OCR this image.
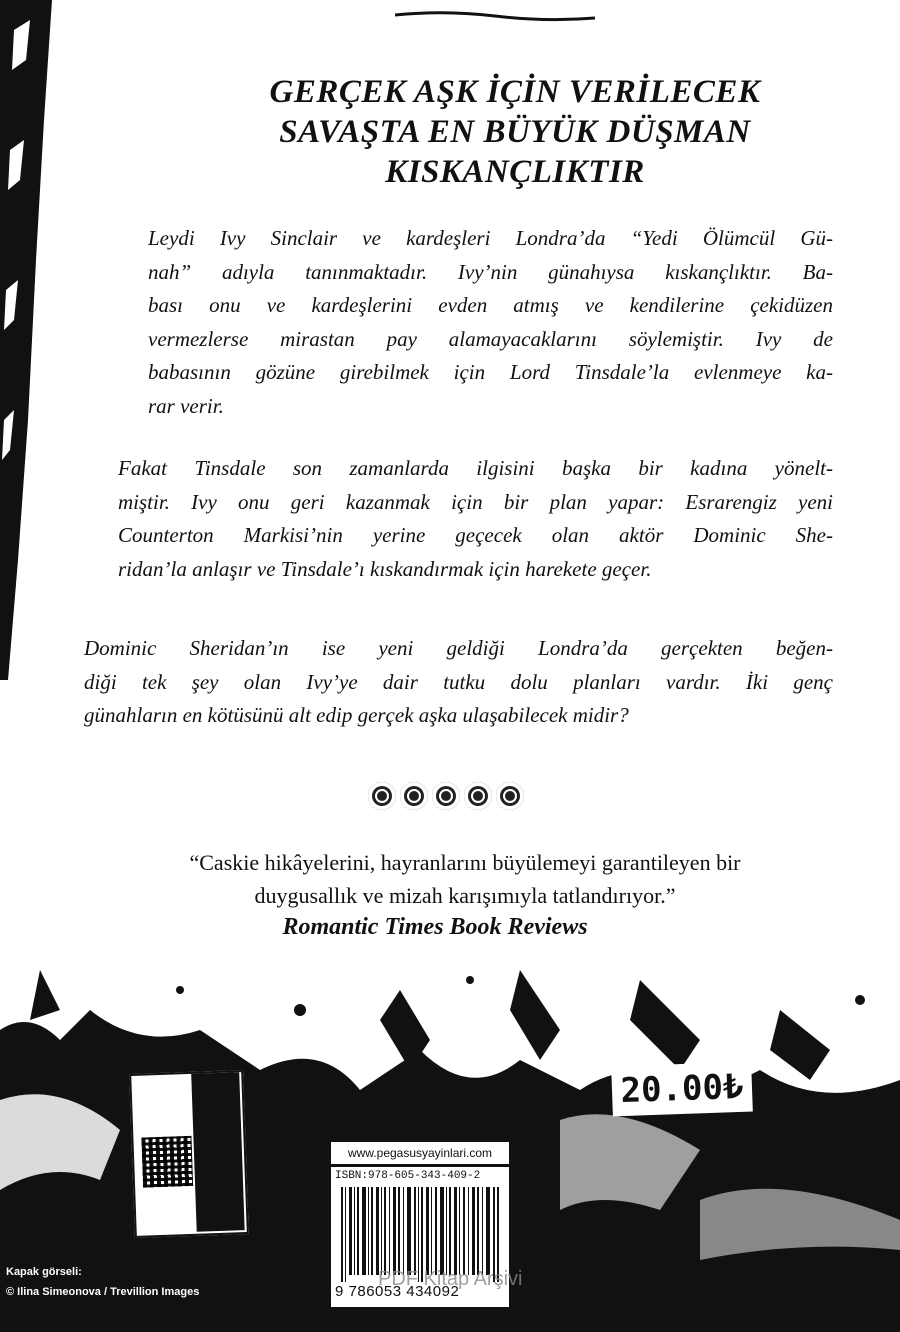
GERÇEK AŞK İÇİN VERİLECEK
SAVAŞTA EN BÜYÜK DÜŞMAN
KISKANÇLIKTIR
Leydi Ivy Sinclair ve kardeşleri Londra’da “Yedi Ölümcül Gü-
nah” adıyla tanınmaktadır. Ivy’nin günahıysa kıskançlıktır. Ba-
bası onu ve kardeşlerini evden atmış ve kendilerine çekidüzen
vermezlerse mirastan pay alamayacaklarını söylemiştir. Ivy de
babasının gözüne girebilmek için Lord Tinsdale’la evlenmeye ka-
rar verir.
Fakat Tinsdale son zamanlarda ilgisini başka bir kadına yönelt-
miştir. Ivy onu geri kazanmak için bir plan yapar: Esrarengiz yeni
Counterton Markisi’nin yerine geçecek olan aktör Dominic She-
ridan’la anlaşır ve Tinsdale’ı kıskandırmak için harekete geçer.
Dominic Sheridan’ın ise yeni geldiği Londra’da gerçekten beğen-
diği tek şey olan Ivy’ye dair tutku dolu planları vardır. İki genç
günahların en kötüsünü alt edip gerçek aşka ulaşabilecek midir?
“Caskie hikâyelerini, hayranlarını büyülemeyi garantileyen bir
duygusallık ve mizah karışımıyla tatlandırıyor.”
Romantic Times Book Reviews
www.pegasusyayinlari.com
ISBN:978-605-343-409-2
9 786053 434092
20.00₺
PDF Kitap Arşivi
Kapak görseli:
© Ilina Simeonova / Trevillion Images
